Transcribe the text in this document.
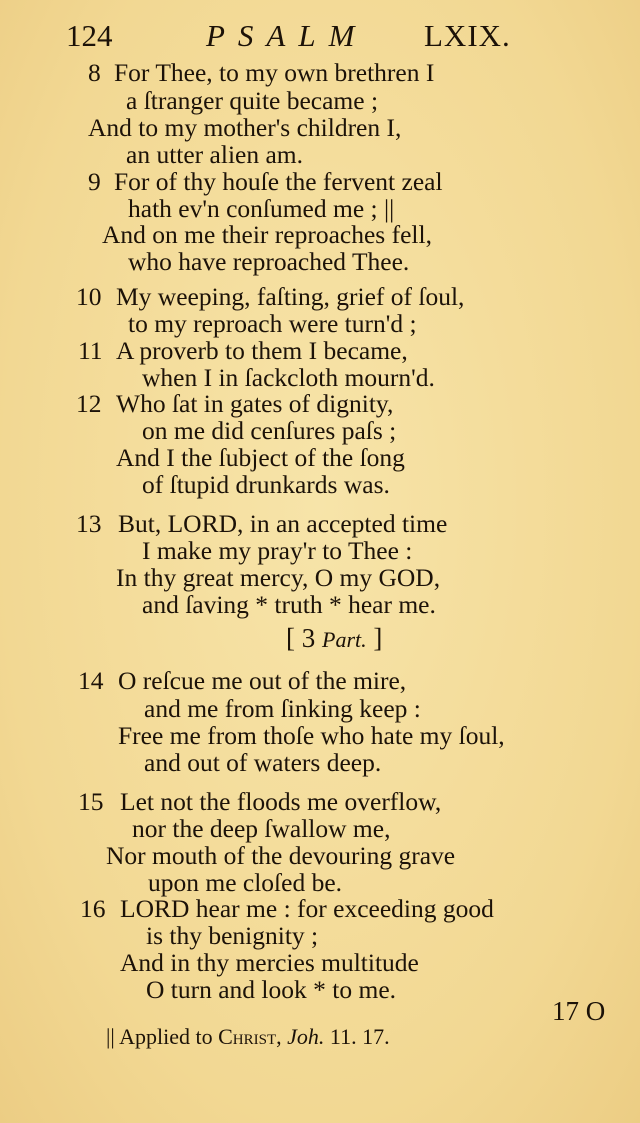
124	PSALM LXIX.
8 For Thee, to my own brethren I
a ſtranger quite became ;
And to my mother's children I,
an utter alien am.
9 For of thy houſe the fervent zeal
hath ev'n conſumed me ; ||
And on me their reproaches fell,
who have reproached Thee.
10 My weeping, faſting, grief of ſoul,
to my reproach were turn'd ;
11 A proverb to them I became,
when I in ſackcloth mourn'd.
12 Who ſat in gates of dignity,
on me did cenſures paſs ;
And I the ſubject of the ſong
of ſtupid drunkards was.
13 But, LORD, in an accepted time
I make my pray'r to Thee :
In thy great mercy, O my GOD,
and ſaving * truth * hear me.
[ 3 Part. ]
14 O reſcue me out of the mire,
and me from ſinking keep :
Free me from thoſe who hate my ſoul,
and out of waters deep.
15 Let not the floods me overflow,
nor the deep ſwallow me,
Nor mouth of the devouring grave
upon me cloſed be.
16 LORD hear me : for exceeding good
is thy benignity ;
And in thy mercies multitude
O turn and look * to me.
17 O
|| Applied to Christ, Joh. 11. 17.
